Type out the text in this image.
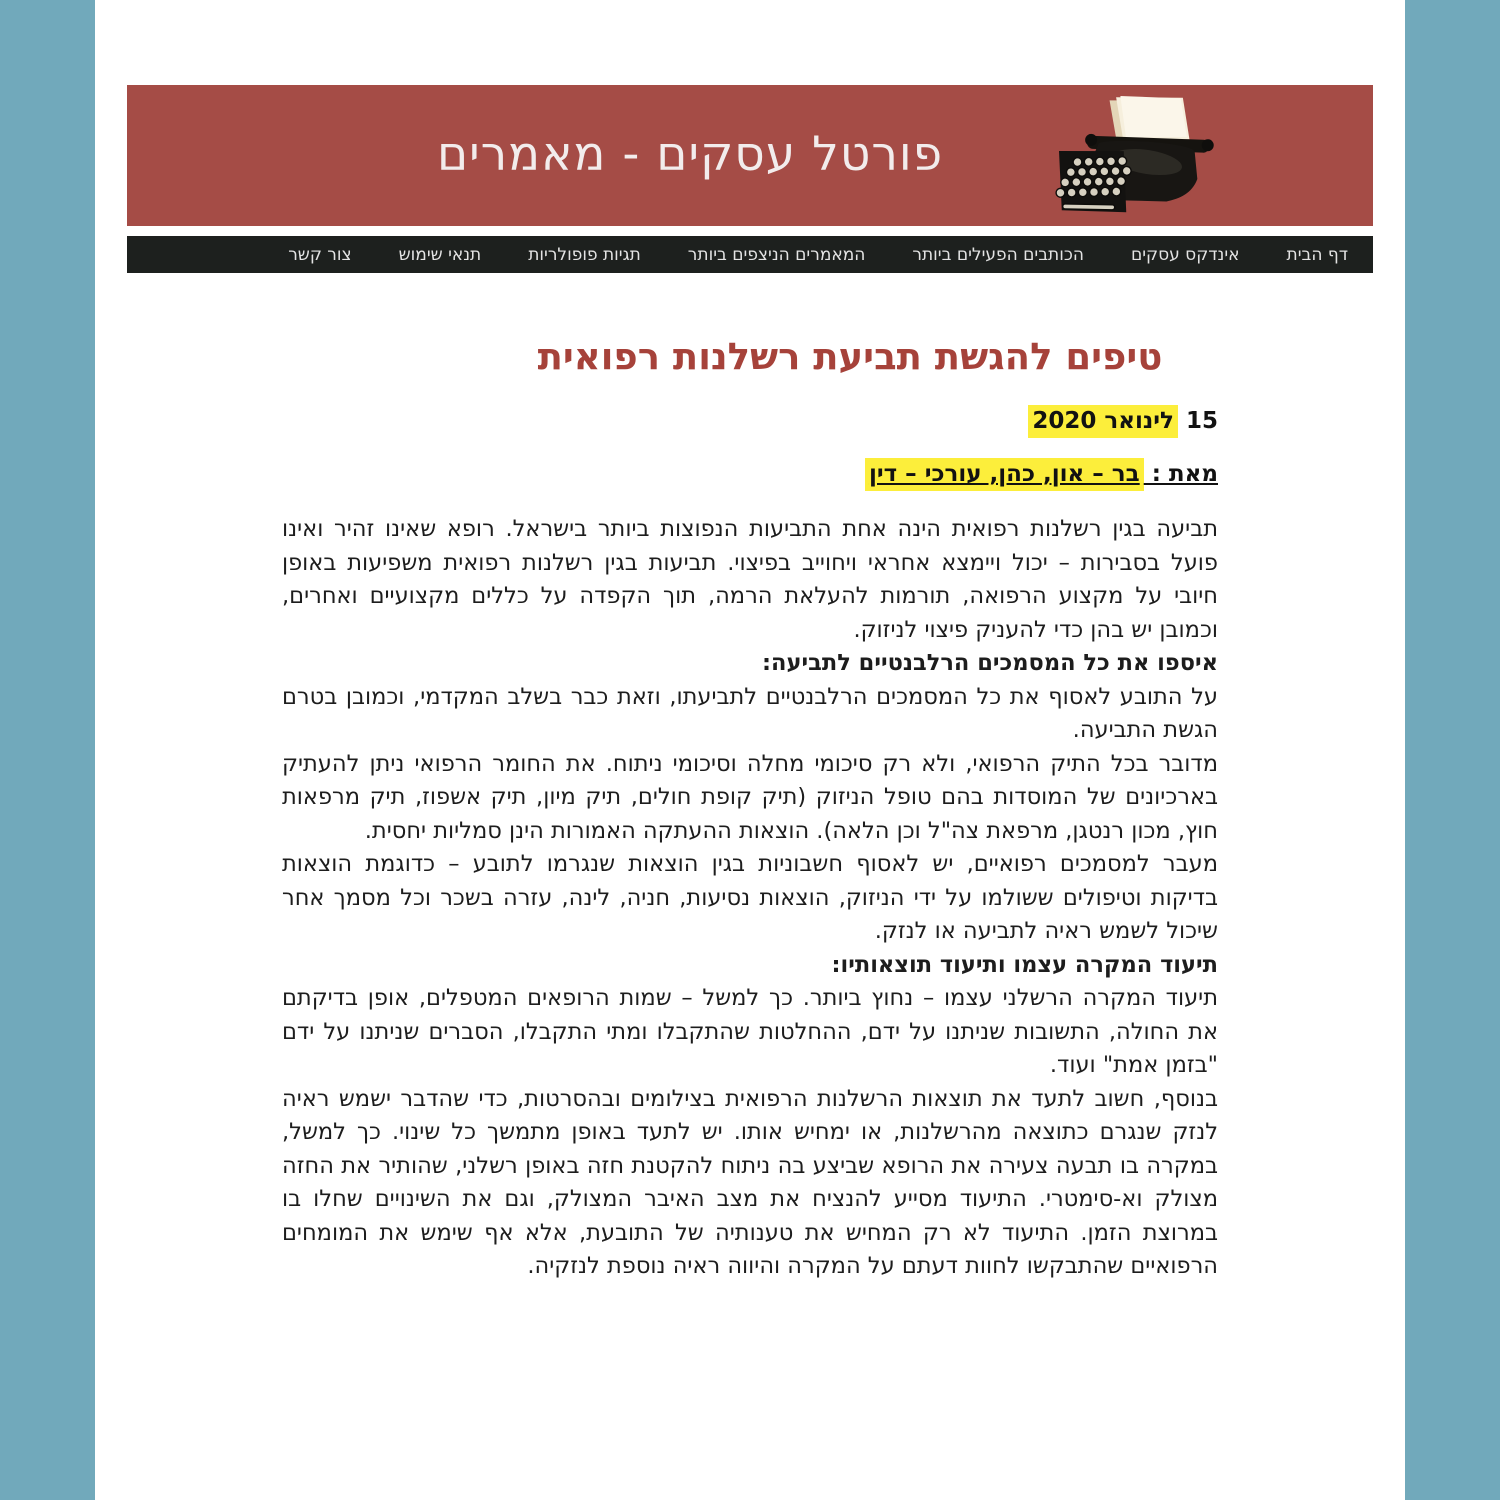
פורטל עסקים - מאמרים
דף הבית
אינדקס עסקים
הכותבים הפעילים ביותר
המאמרים הניצפים ביותר
תגיות פופולריות
תנאי שימוש
צור קשר
טיפים להגשת תביעת רשלנות רפואית
15 לינואר 2020
מאת : בר – און, כהן, עורכי – דין

תביעה בגין רשלנות רפואית הינה אחת התביעות הנפוצות ביותר בישראל. רופא שאינו זהיר ואינו פועל בסבירות – יכול ויימצא אחראי ויחוייב בפיצוי. תביעות בגין רשלנות רפואית משפיעות באופן חיובי על מקצוע הרפואה, תורמות להעלאת הרמה, תוך הקפדה על כללים מקצועיים ואחרים, וכמובן יש בהן כדי להעניק פיצוי לניזוק.

איספו את כל המסמכים הרלבנטיים לתביעה:

על התובע לאסוף את כל המסמכים הרלבנטיים לתביעתו, וזאת כבר בשלב המקדמי, וכמובן בטרם הגשת התביעה.

מדובר בכל התיק הרפואי, ולא רק סיכומי מחלה וסיכומי ניתוח. את החומר הרפואי ניתן להעתיק בארכיונים של המוסדות בהם טופל הניזוק (תיק קופת חולים, תיק מיון, תיק אשפוז, תיק מרפאות חוץ, מכון רנטגן, מרפאת צה"ל וכן הלאה). הוצאות ההעתקה האמורות הינן סמליות יחסית.

מעבר למסמכים רפואיים, יש לאסוף חשבוניות בגין הוצאות שנגרמו לתובע – כדוגמת הוצאות בדיקות וטיפולים ששולמו על ידי הניזוק, הוצאות נסיעות, חניה, לינה, עזרה בשכר וכל מסמך אחר שיכול לשמש ראיה לתביעה או לנזק.

תיעוד המקרה עצמו ותיעוד תוצאותיו:

תיעוד המקרה הרשלני עצמו – נחוץ ביותר. כך למשל – שמות הרופאים המטפלים, אופן בדיקתם את החולה, התשובות שניתנו על ידם, ההחלטות שהתקבלו ומתי התקבלו, הסברים שניתנו על ידם "בזמן אמת" ועוד.

בנוסף, חשוב לתעד את תוצאות הרשלנות הרפואית בצילומים ובהסרטות, כדי שהדבר ישמש ראיה לנזק שנגרם כתוצאה מהרשלנות, או ימחיש אותו. יש לתעד באופן מתמשך כל שינוי. כך למשל, במקרה בו תבעה צעירה את הרופא שביצע בה ניתוח להקטנת חזה באופן רשלני, שהותיר את החזה מצולק וא-סימטרי. התיעוד מסייע להנציח את מצב האיבר המצולק, וגם את השינויים שחלו בו במרוצת הזמן. התיעוד לא רק המחיש את טענותיה של התובעת, אלא אף שימש את המומחים הרפואיים שהתבקשו לחוות דעתם על המקרה והיווה ראיה נוספת לנזקיה.
